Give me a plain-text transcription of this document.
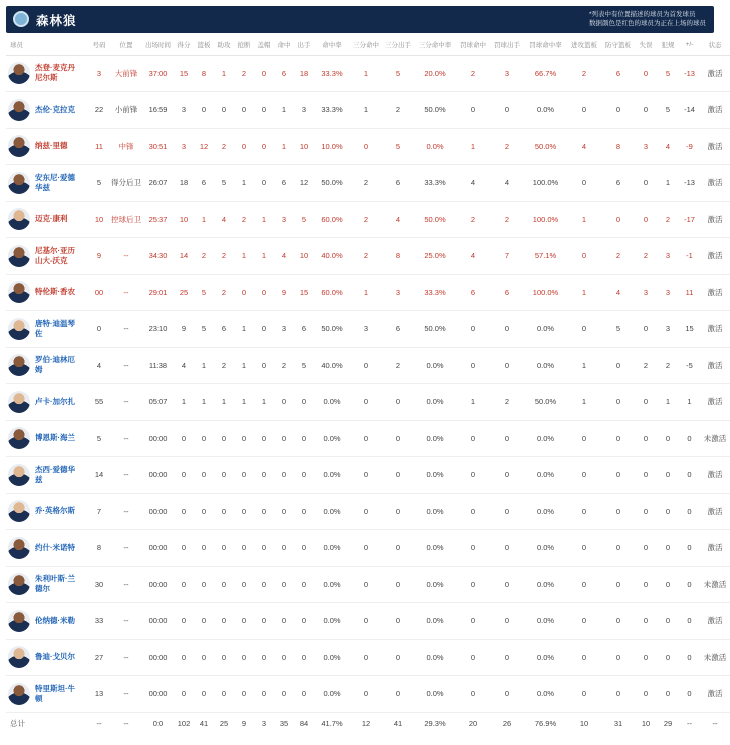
森林狼	*列表中有位置描述的球员为首发球员
数据颜色是红色的球员为正在上场的球员
球员	号码	位置	出场时间	得分	篮板	助攻	抢断	盖帽	命中	出手	命中率	三分命中	三分出手	三分命中率	罚球命中	罚球出手	罚球命中率	进攻篮板	防守篮板	失误	犯规	+/-	状态
杰登·麦克丹尼尔斯	3	大前锋	37:00	15	8	1	2	0	6	18	33.3%	1	5	20.0%	2	3	66.7%	2	6	0	5	-13	激活
杰伦·克拉克	22	小前锋	16:59	3	0	0	0	0	1	3	33.3%	1	2	50.0%	0	0	0.0%	0	0	0	5	-14	激活
纳兹·里德	11	中锋	30:51	3	12	2	0	0	1	10	10.0%	0	5	0.0%	1	2	50.0%	4	8	3	4	-9	激活
安东尼·爱德华兹	5	得分后卫	26:07	18	6	5	1	0	6	12	50.0%	2	6	33.3%	4	4	100.0%	0	6	0	1	-13	激活
迈克·康利	10	控球后卫	25:37	10	1	4	2	1	3	5	60.0%	2	4	50.0%	2	2	100.0%	1	0	0	2	-17	激活
尼基尔·亚历山大-沃克	9	--	34:30	14	2	2	1	1	4	10	40.0%	2	8	25.0%	4	7	57.1%	0	2	2	3	-1	激活
特伦斯·香农	00	--	29:01	25	5	2	0	0	9	15	60.0%	1	3	33.3%	6	6	100.0%	1	4	3	3	11	激活
唐特·迪温琴佐	0	--	23:10	9	5	6	1	0	3	6	50.0%	3	6	50.0%	0	0	0.0%	0	5	0	3	15	激活
罗伯·迪林厄姆	4	--	11:38	4	1	2	1	0	2	5	40.0%	0	2	0.0%	0	0	0.0%	1	0	2	2	-5	激活
卢卡·加尔扎	55	--	05:07	1	1	1	1	1	0	0	0.0%	0	0	0.0%	1	2	50.0%	1	0	0	1	1	激活
博恩斯·海兰	5	--	00:00	0	0	0	0	0	0	0	0.0%	0	0	0.0%	0	0	0.0%	0	0	0	0	0	未激活
杰西·爱德华兹	14	--	00:00	0	0	0	0	0	0	0	0.0%	0	0	0.0%	0	0	0.0%	0	0	0	0	0	激活
乔·英格尔斯	7	--	00:00	0	0	0	0	0	0	0	0.0%	0	0	0.0%	0	0	0.0%	0	0	0	0	0	激活
约什·米诺特	8	--	00:00	0	0	0	0	0	0	0	0.0%	0	0	0.0%	0	0	0.0%	0	0	0	0	0	激活
朱利叶斯·兰德尔	30	--	00:00	0	0	0	0	0	0	0	0.0%	0	0	0.0%	0	0	0.0%	0	0	0	0	0	未激活
伦纳德·米勒	33	--	00:00	0	0	0	0	0	0	0	0.0%	0	0	0.0%	0	0	0.0%	0	0	0	0	0	激活
鲁迪·戈贝尔	27	--	00:00	0	0	0	0	0	0	0	0.0%	0	0	0.0%	0	0	0.0%	0	0	0	0	0	未激活
特里斯坦·牛顿	13	--	00:00	0	0	0	0	0	0	0	0.0%	0	0	0.0%	0	0	0.0%	0	0	0	0	0	激活
总计	--	--	0:0	102	41	25	9	3	35	84	41.7%	12	41	29.3%	20	26	76.9%	10	31	10	29	--	--
